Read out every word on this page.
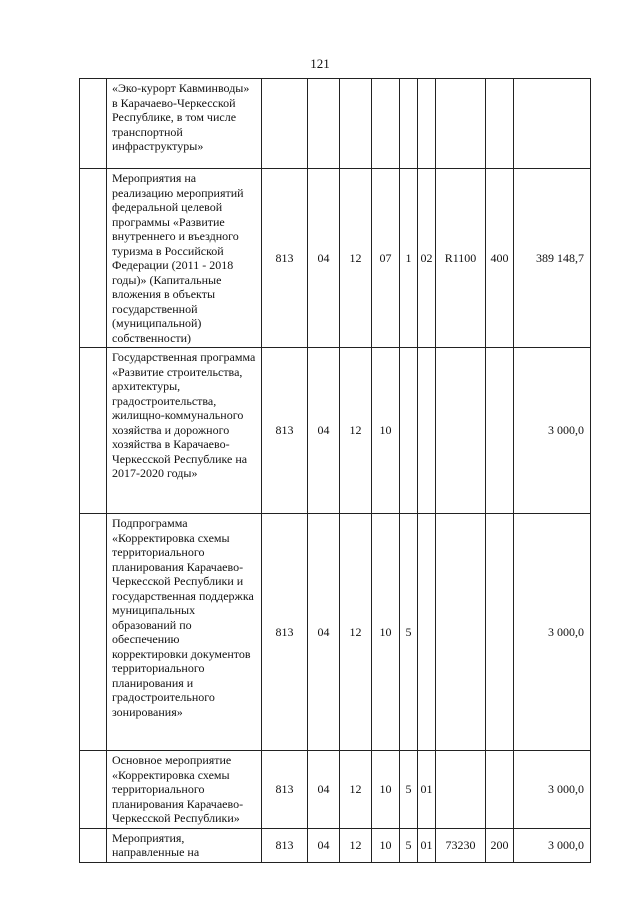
121
	«Эко-курорт Кавминводы» в Карачаево-Черкесской Республике, в том числе транспортной инфраструктуры»									
	Мероприятия на реализацию мероприятий федеральной целевой программы «Развитие внутреннего и въездного туризма в Российской Федерации (2011 - 2018 годы)» (Капитальные вложения в объекты государственной (муниципальной) собственности)	813	04	12	07	1	02	R1100	400	389 148,7
	Государственная программа «Развитие строительства, архитектуры, градостроительства, жилищно-коммунального хозяйства и дорожного хозяйства в Карачаево-Черкесской Республике на 2017-2020 годы»	813	04	12	10					3 000,0
	Подпрограмма «Корректировка схемы территориального планирования Карачаево-Черкесской Республики и государственная поддержка муниципальных образований по обеспечению корректировки документов территориального планирования и градостроительного зонирования»	813	04	12	10	5				3 000,0
	Основное мероприятие «Корректировка схемы территориального планирования Карачаево-Черкесской Республики»	813	04	12	10	5	01			3 000,0
	Мероприятия, направленные на	813	04	12	10	5	01	73230	200	3 000,0
